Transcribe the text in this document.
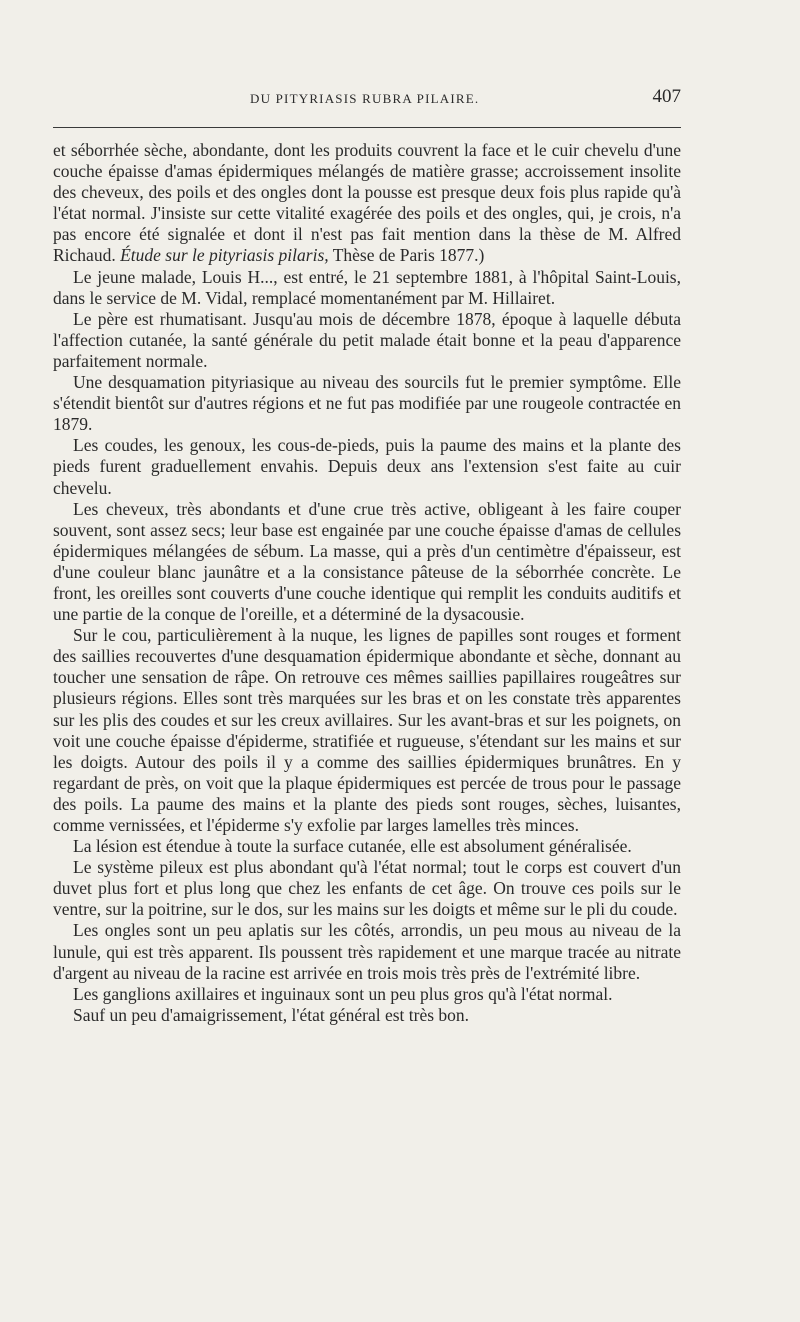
DU PITYRIASIS RUBRA PILAIRE.	407

et séborrhée sèche, abondante, dont les produits couvrent la face et le cuir chevelu d'une couche épaisse d'amas épidermiques mélangés de matière grasse; accroissement insolite des cheveux, des poils et des ongles dont la pousse est presque deux fois plus rapide qu'à l'état normal. J'insiste sur cette vitalité exagérée des poils et des ongles, qui, je crois, n'a pas encore été signalée et dont il n'est pas fait mention dans la thèse de M. Alfred Richaud. Étude sur le pityriasis pilaris, Thèse de Paris 1877.)

Le jeune malade, Louis H..., est entré, le 21 septembre 1881, à l'hôpital Saint-Louis, dans le service de M. Vidal, remplacé momentanément par M. Hillairet.

Le père est rhumatisant. Jusqu'au mois de décembre 1878, époque à laquelle débuta l'affection cutanée, la santé générale du petit malade était bonne et la peau d'apparence parfaitement normale.

Une desquamation pityriasique au niveau des sourcils fut le premier symptôme. Elle s'étendit bientôt sur d'autres régions et ne fut pas modifiée par une rougeole contractée en 1879.

Les coudes, les genoux, les cous-de-pieds, puis la paume des mains et la plante des pieds furent graduellement envahis. Depuis deux ans l'extension s'est faite au cuir chevelu.

Les cheveux, très abondants et d'une crue très active, obligeant à les faire couper souvent, sont assez secs; leur base est engainée par une couche épaisse d'amas de cellules épidermiques mélangées de sébum. La masse, qui a près d'un centimètre d'épaisseur, est d'une couleur blanc jaunâtre et a la consistance pâteuse de la séborrhée concrète. Le front, les oreilles sont couverts d'une couche identique qui remplit les conduits auditifs et une partie de la conque de l'oreille, et a déterminé de la dysacousie.

Sur le cou, particulièrement à la nuque, les lignes de papilles sont rouges et forment des saillies recouvertes d'une desquamation épidermique abondante et sèche, donnant au toucher une sensation de râpe. On retrouve ces mêmes saillies papillaires rougeâtres sur plusieurs régions. Elles sont très marquées sur les bras et on les constate très apparentes sur les plis des coudes et sur les creux avillaires. Sur les avant-bras et sur les poignets, on voit une couche épaisse d'épiderme, stratifiée et rugueuse, s'étendant sur les mains et sur les doigts. Autour des poils il y a comme des saillies épidermiques brunâtres. En y regardant de près, on voit que la plaque épidermiques est percée de trous pour le passage des poils. La paume des mains et la plante des pieds sont rouges, sèches, luisantes, comme vernissées, et l'épiderme s'y exfolie par larges lamelles très minces.

La lésion est étendue à toute la surface cutanée, elle est absolument généralisée.

Le système pileux est plus abondant qu'à l'état normal; tout le corps est couvert d'un duvet plus fort et plus long que chez les enfants de cet âge. On trouve ces poils sur le ventre, sur la poitrine, sur le dos, sur les mains sur les doigts et même sur le pli du coude.

Les ongles sont un peu aplatis sur les côtés, arrondis, un peu mous au niveau de la lunule, qui est très apparent. Ils poussent très rapidement et une marque tracée au nitrate d'argent au niveau de la racine est arrivée en trois mois très près de l'extrémité libre.

Les ganglions axillaires et inguinaux sont un peu plus gros qu'à l'état normal.

Sauf un peu d'amaigrissement, l'état général est très bon.
